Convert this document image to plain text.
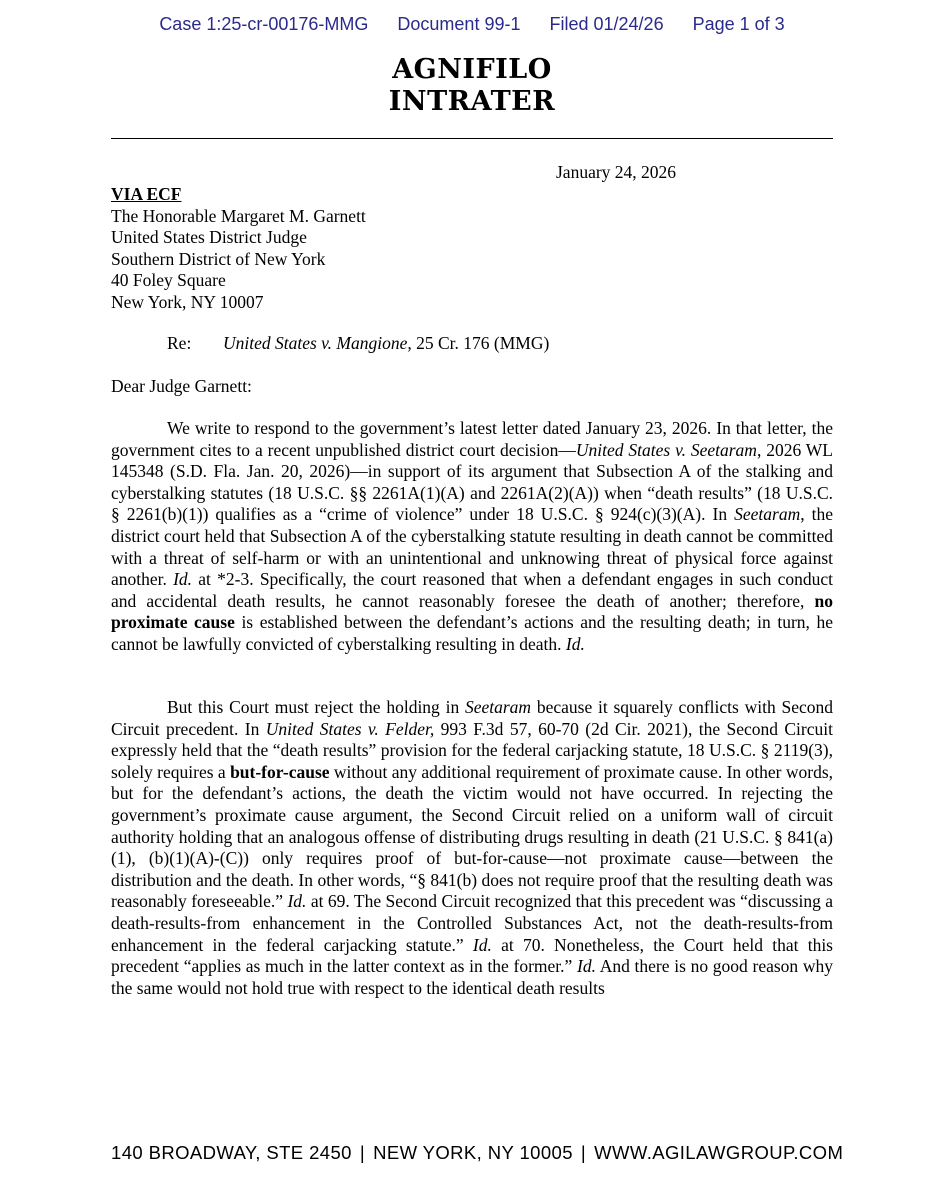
Case 1:25-cr-00176-MMG Document 99-1 Filed 01/24/26 Page 1 of 3
AGNIFILO
INTRATER
January 24, 2026
VIA ECF
The Honorable Margaret M. Garnett
United States District Judge
Southern District of New York
40 Foley Square
New York, NY 10007
Re: United States v. Mangione, 25 Cr. 176 (MMG)
Dear Judge Garnett:

We write to respond to the government’s latest letter dated January 23, 2026. In that letter, the government cites to a recent unpublished district court decision—United States v. Seetaram, 2026 WL 145348 (S.D. Fla. Jan. 20, 2026)—in support of its argument that Subsection A of the stalking and cyberstalking statutes (18 U.S.C. §§ 2261A(1)(A) and 2261A(2)(A)) when “death results” (18 U.S.C. § 2261(b)(1)) qualifies as a “crime of violence” under 18 U.S.C. § 924(c)(3)(A). In Seetaram, the district court held that Subsection A of the cyberstalking statute resulting in death cannot be committed with a threat of self-harm or with an unintentional and unknowing threat of physical force against another. Id. at *2-3. Specifically, the court reasoned that when a defendant engages in such conduct and accidental death results, he cannot reasonably foresee the death of another; therefore, no proximate cause is established between the defendant’s actions and the resulting death; in turn, he cannot be lawfully convicted of cyberstalking resulting in death. Id.

But this Court must reject the holding in Seetaram because it squarely conflicts with Second Circuit precedent. In United States v. Felder, 993 F.3d 57, 60-70 (2d Cir. 2021), the Second Circuit expressly held that the “death results” provision for the federal carjacking statute, 18 U.S.C. § 2119(3), solely requires a but-for-cause without any additional requirement of proximate cause. In other words, but for the defendant’s actions, the death the victim would not have occurred. In rejecting the government’s proximate cause argument, the Second Circuit relied on a uniform wall of circuit authority holding that an analogous offense of distributing drugs resulting in death (21 U.S.C. § 841(a)(1), (b)(1)(A)-(C)) only requires proof of but-for-cause—not proximate cause—between the distribution and the death. In other words, “§ 841(b) does not require proof that the resulting death was reasonably foreseeable.” Id. at 69. The Second Circuit recognized that this precedent was “discussing a death-results-from enhancement in the Controlled Substances Act, not the death-results-from enhancement in the federal carjacking statute.” Id. at 70. Nonetheless, the Court held that this precedent “applies as much in the latter context as in the former.” Id. And there is no good reason why the same would not hold true with respect to the identical death results

140 BROADWAY, STE 2450 | NEW YORK, NY 10005 | WWW.AGILAWGROUP.COM
